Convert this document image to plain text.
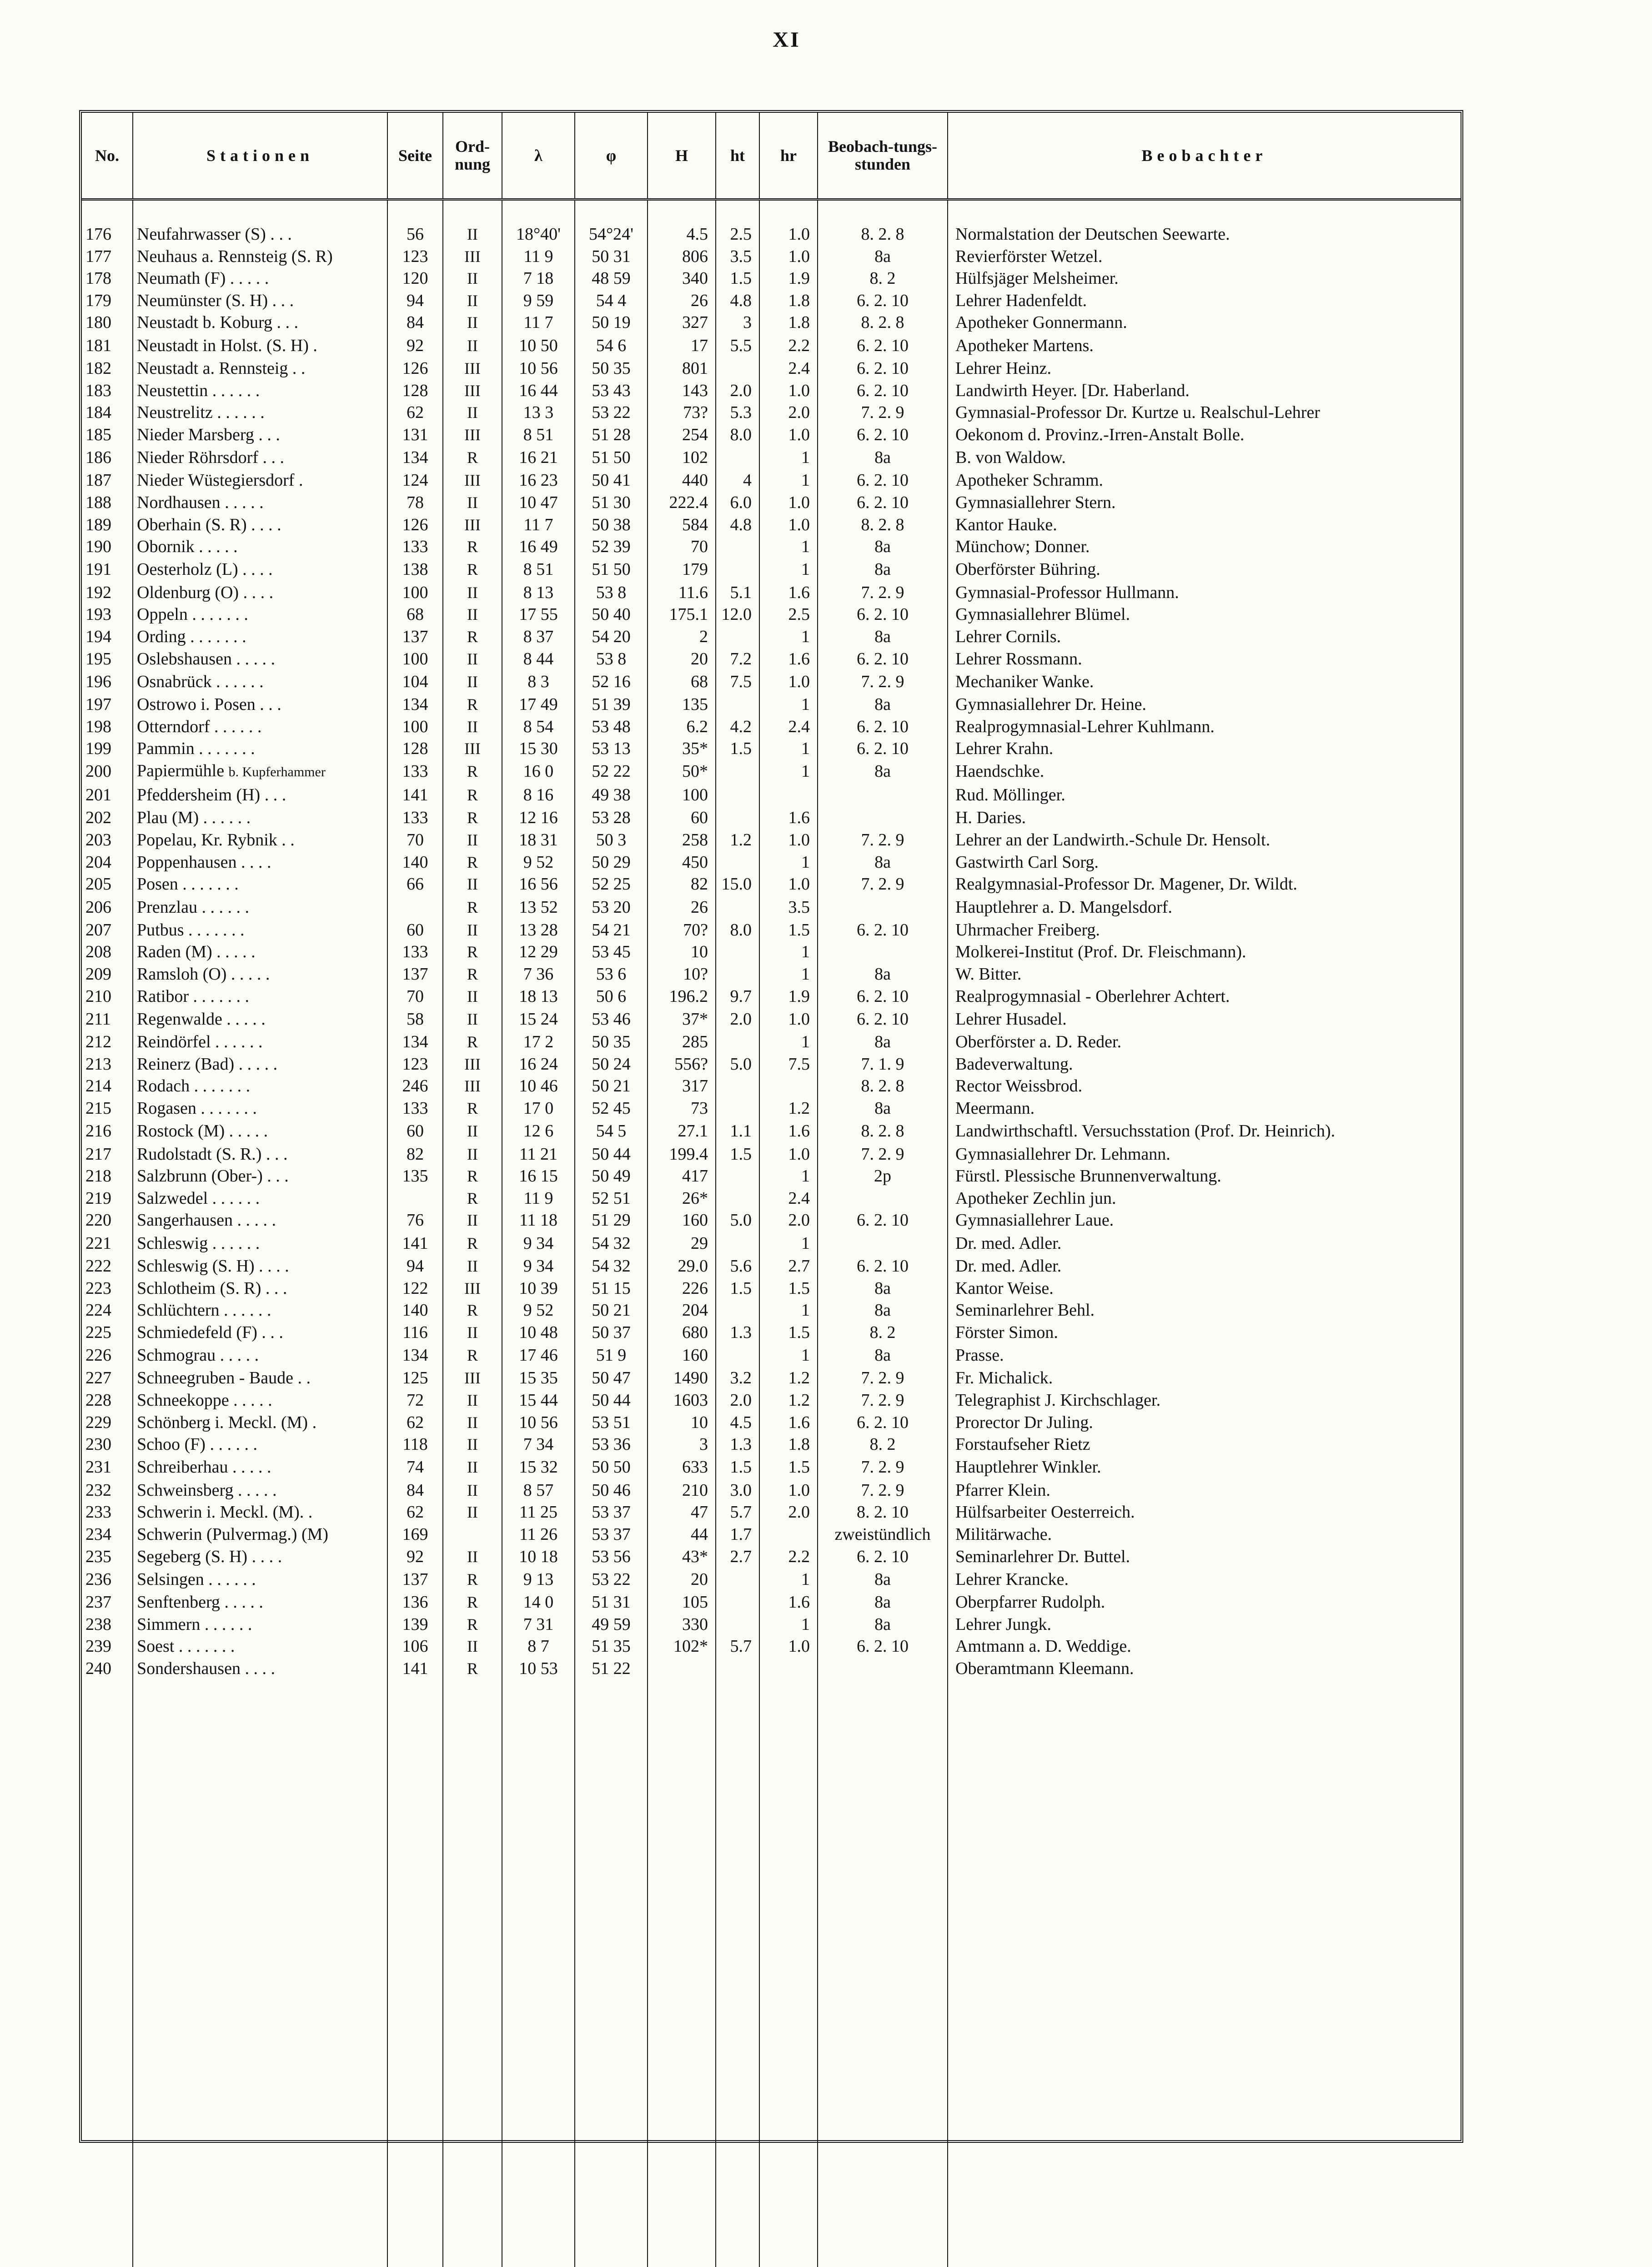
XI
No.	Stationen	Seite	Ord-nung	λ	φ	H	ht	hr	Beobach-tungs-stunden	Beobachter
176	Neufahrwasser (S) . . .	56	II	18°40'	54°24'	4.5	2.5	1.0	8. 2. 8	Normalstation der Deutschen Seewarte.
177	Neuhaus a. Rennsteig (S. R)	123	III	11 9	50 31	806	3.5	1.0	8a	Revierförster Wetzel.
178	Neumath (F) . . . . .	120	II	7 18	48 59	340	1.5	1.9	8. 2	Hülfsjäger Melsheimer.
179	Neumünster (S. H) . . .	94	II	9 59	54 4	26	4.8	1.8	6. 2. 10	Lehrer Hadenfeldt.
180	Neustadt b. Koburg . . .	84	II	11 7	50 19	327	3	1.8	8. 2. 8	Apotheker Gonnermann.
181	Neustadt in Holst. (S. H) .	92	II	10 50	54 6	17	5.5	2.2	6. 2. 10	Apotheker Martens.
182	Neustadt a. Rennsteig . .	126	III	10 56	50 35	801		2.4	6. 2. 10	Lehrer Heinz.
183	Neustettin . . . . . .	128	III	16 44	53 43	143	2.0	1.0	6. 2. 10	Landwirth Heyer. [Dr. Haberland.
184	Neustrelitz . . . . . .	62	II	13 3	53 22	73?	5.3	2.0	7. 2. 9	Gymnasial-Professor Dr. Kurtze u. Realschul-Lehrer
185	Nieder Marsberg . . .	131	III	8 51	51 28	254	8.0	1.0	6. 2. 10	Oekonom d. Provinz.-Irren-Anstalt Bolle.
186	Nieder Röhrsdorf . . .	134	R	16 21	51 50	102		1	8a	B. von Waldow.
187	Nieder Wüstegiersdorf .	124	III	16 23	50 41	440	4	1	6. 2. 10	Apotheker Schramm.
188	Nordhausen . . . . .	78	II	10 47	51 30	222.4	6.0	1.0	6. 2. 10	Gymnasiallehrer Stern.
189	Oberhain (S. R) . . . .	126	III	11 7	50 38	584	4.8	1.0	8. 2. 8	Kantor Hauke.
190	Obornik . . . . .	133	R	16 49	52 39	70		1	8a	Münchow; Donner.
191	Oesterholz (L) . . . .	138	R	8 51	51 50	179		1	8a	Oberförster Bühring.
192	Oldenburg (O) . . . .	100	II	8 13	53 8	11.6	5.1	1.6	7. 2. 9	Gymnasial-Professor Hullmann.
193	Oppeln . . . . . . .	68	II	17 55	50 40	175.1	12.0	2.5	6. 2. 10	Gymnasiallehrer Blümel.
194	Ording . . . . . . .	137	R	8 37	54 20	2		1	8a	Lehrer Cornils.
195	Oslebshausen . . . . .	100	II	8 44	53 8	20	7.2	1.6	6. 2. 10	Lehrer Rossmann.
196	Osnabrück . . . . . .	104	II	8 3	52 16	68	7.5	1.0	7. 2. 9	Mechaniker Wanke.
197	Ostrowo i. Posen . . .	134	R	17 49	51 39	135		1	8a	Gymnasiallehrer Dr. Heine.
198	Otterndorf . . . . . .	100	II	8 54	53 48	6.2	4.2	2.4	6. 2. 10	Realprogymnasial-Lehrer Kuhlmann.
199	Pammin . . . . . . .	128	III	15 30	53 13	35*	1.5	1	6. 2. 10	Lehrer Krahn.
200	Papiermühle b. Kupferhammer	133	R	16 0	52 22	50*		1	8a	Haendschke.
201	Pfeddersheim (H) . . .	141	R	8 16	49 38	100				Rud. Möllinger.
202	Plau (M) . . . . . .	133	R	12 16	53 28	60		1.6		H. Daries.
203	Popelau, Kr. Rybnik . .	70	II	18 31	50 3	258	1.2	1.0	7. 2. 9	Lehrer an der Landwirth.-Schule Dr. Hensolt.
204	Poppenhausen . . . .	140	R	9 52	50 29	450		1	8a	Gastwirth Carl Sorg.
205	Posen . . . . . . .	66	II	16 56	52 25	82	15.0	1.0	7. 2. 9	Realgymnasial-Professor Dr. Magener, Dr. Wildt.
206	Prenzlau . . . . . .		R	13 52	53 20	26		3.5		Hauptlehrer a. D. Mangelsdorf.
207	Putbus . . . . . . .	60	II	13 28	54 21	70?	8.0	1.5	6. 2. 10	Uhrmacher Freiberg.
208	Raden (M) . . . . .	133	R	12 29	53 45	10		1		Molkerei-Institut (Prof. Dr. Fleischmann).
209	Ramsloh (O) . . . . .	137	R	7 36	53 6	10?		1	8a	W. Bitter.
210	Ratibor . . . . . . .	70	II	18 13	50 6	196.2	9.7	1.9	6. 2. 10	Realprogymnasial - Oberlehrer Achtert.
211	Regenwalde . . . . .	58	II	15 24	53 46	37*	2.0	1.0	6. 2. 10	Lehrer Husadel.
212	Reindörfel . . . . . .	134	R	17 2	50 35	285		1	8a	Oberförster a. D. Reder.
213	Reinerz (Bad) . . . . .	123	III	16 24	50 24	556?	5.0	7.5	7. 1. 9	Badeverwaltung.
214	Rodach . . . . . . .	246	III	10 46	50 21	317			8. 2. 8	Rector Weissbrod.
215	Rogasen . . . . . . .	133	R	17 0	52 45	73		1.2	8a	Meermann.
216	Rostock (M) . . . . .	60	II	12 6	54 5	27.1	1.1	1.6	8. 2. 8	Landwirthschaftl. Versuchsstation (Prof. Dr. Heinrich).
217	Rudolstadt (S. R.) . . .	82	II	11 21	50 44	199.4	1.5	1.0	7. 2. 9	Gymnasiallehrer Dr. Lehmann.
218	Salzbrunn (Ober-) . . .	135	R	16 15	50 49	417		1	2p	Fürstl. Plessische Brunnenverwaltung.
219	Salzwedel . . . . . .		R	11 9	52 51	26*		2.4		Apotheker Zechlin jun.
220	Sangerhausen . . . . .	76	II	11 18	51 29	160	5.0	2.0	6. 2. 10	Gymnasiallehrer Laue.
221	Schleswig . . . . . .	141	R	9 34	54 32	29		1		Dr. med. Adler.
222	Schleswig (S. H) . . . .	94	II	9 34	54 32	29.0	5.6	2.7	6. 2. 10	Dr. med. Adler.
223	Schlotheim (S. R) . . .	122	III	10 39	51 15	226	1.5	1.5	8a	Kantor Weise.
224	Schlüchtern . . . . . .	140	R	9 52	50 21	204		1	8a	Seminarlehrer Behl.
225	Schmiedefeld (F) . . .	116	II	10 48	50 37	680	1.3	1.5	8. 2	Förster Simon.
226	Schmograu . . . . .	134	R	17 46	51 9	160		1	8a	Prasse.
227	Schneegruben - Baude . .	125	III	15 35	50 47	1490	3.2	1.2	7. 2. 9	Fr. Michalick.
228	Schneekoppe . . . . .	72	II	15 44	50 44	1603	2.0	1.2	7. 2. 9	Telegraphist J. Kirchschlager.
229	Schönberg i. Meckl. (M) .	62	II	10 56	53 51	10	4.5	1.6	6. 2. 10	Prorector Dr Juling.
230	Schoo (F) . . . . . .	118	II	7 34	53 36	3	1.3	1.8	8. 2	Forstaufseher Rietz
231	Schreiberhau . . . . .	74	II	15 32	50 50	633	1.5	1.5	7. 2. 9	Hauptlehrer Winkler.
232	Schweinsberg . . . . .	84	II	8 57	50 46	210	3.0	1.0	7. 2. 9	Pfarrer Klein.
233	Schwerin i. Meckl. (M). .	62	II	11 25	53 37	47	5.7	2.0	8. 2. 10	Hülfsarbeiter Oesterreich.
234	Schwerin (Pulvermag.) (M)	169		11 26	53 37	44	1.7		zweistündlich	Militärwache.
235	Segeberg (S. H) . . . .	92	II	10 18	53 56	43*	2.7	2.2	6. 2. 10	Seminarlehrer Dr. Buttel.
236	Selsingen . . . . . .	137	R	9 13	53 22	20		1	8a	Lehrer Krancke.
237	Senftenberg . . . . .	136	R	14 0	51 31	105		1.6	8a	Oberpfarrer Rudolph.
238	Simmern . . . . . .	139	R	7 31	49 59	330		1	8a	Lehrer Jungk.
239	Soest . . . . . . .	106	II	8 7	51 35	102*	5.7	1.0	6. 2. 10	Amtmann a. D. Weddige.
240	Sondershausen . . . .	141	R	10 53	51 22					Oberamtmann Kleemann.
